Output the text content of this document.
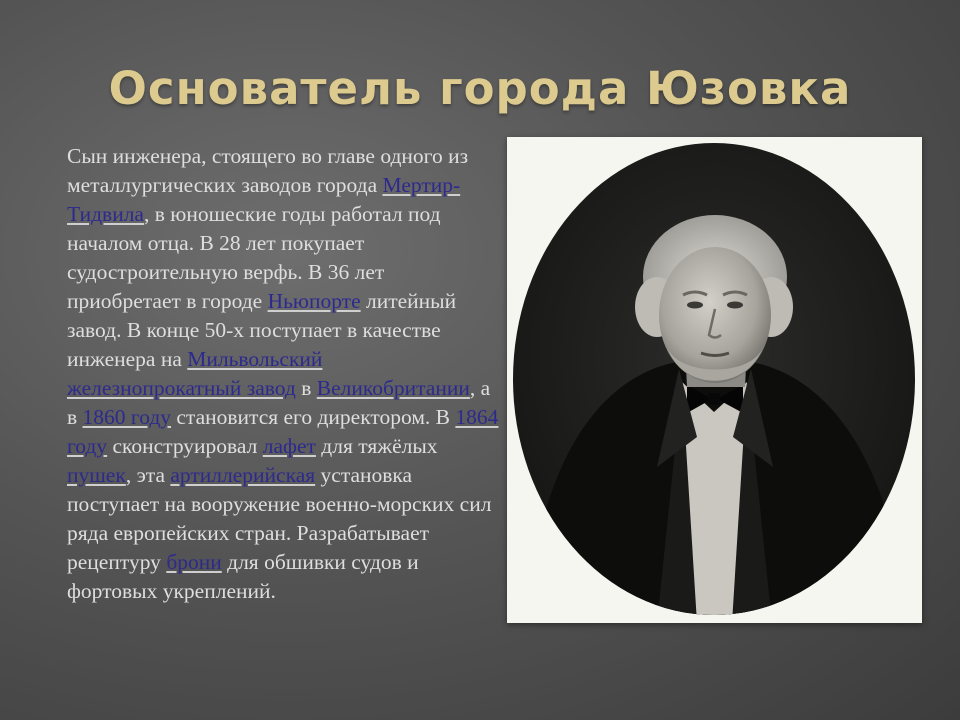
Основатель города Юзовка
Сын инженера, стоящего во главе одного из металлургических заводов города Мертир-Тидвила, в юношеские годы работал под началом отца. В 28 лет покупает судостроительную верфь. В 36 лет приобретает в городе Ньюпорте литейный завод. В конце 50-х поступает в качестве инженера на Мильвольский железнопрокатный завод в Великобритании, а в 1860 году становится его директором. В 1864 году сконструировал лафет для тяжёлых пушек, эта артиллерийская установка поступает на вооружение военно-морских сил ряда европейских стран. Разрабатывает рецептуру брони для обшивки судов и фортовых укреплений.
